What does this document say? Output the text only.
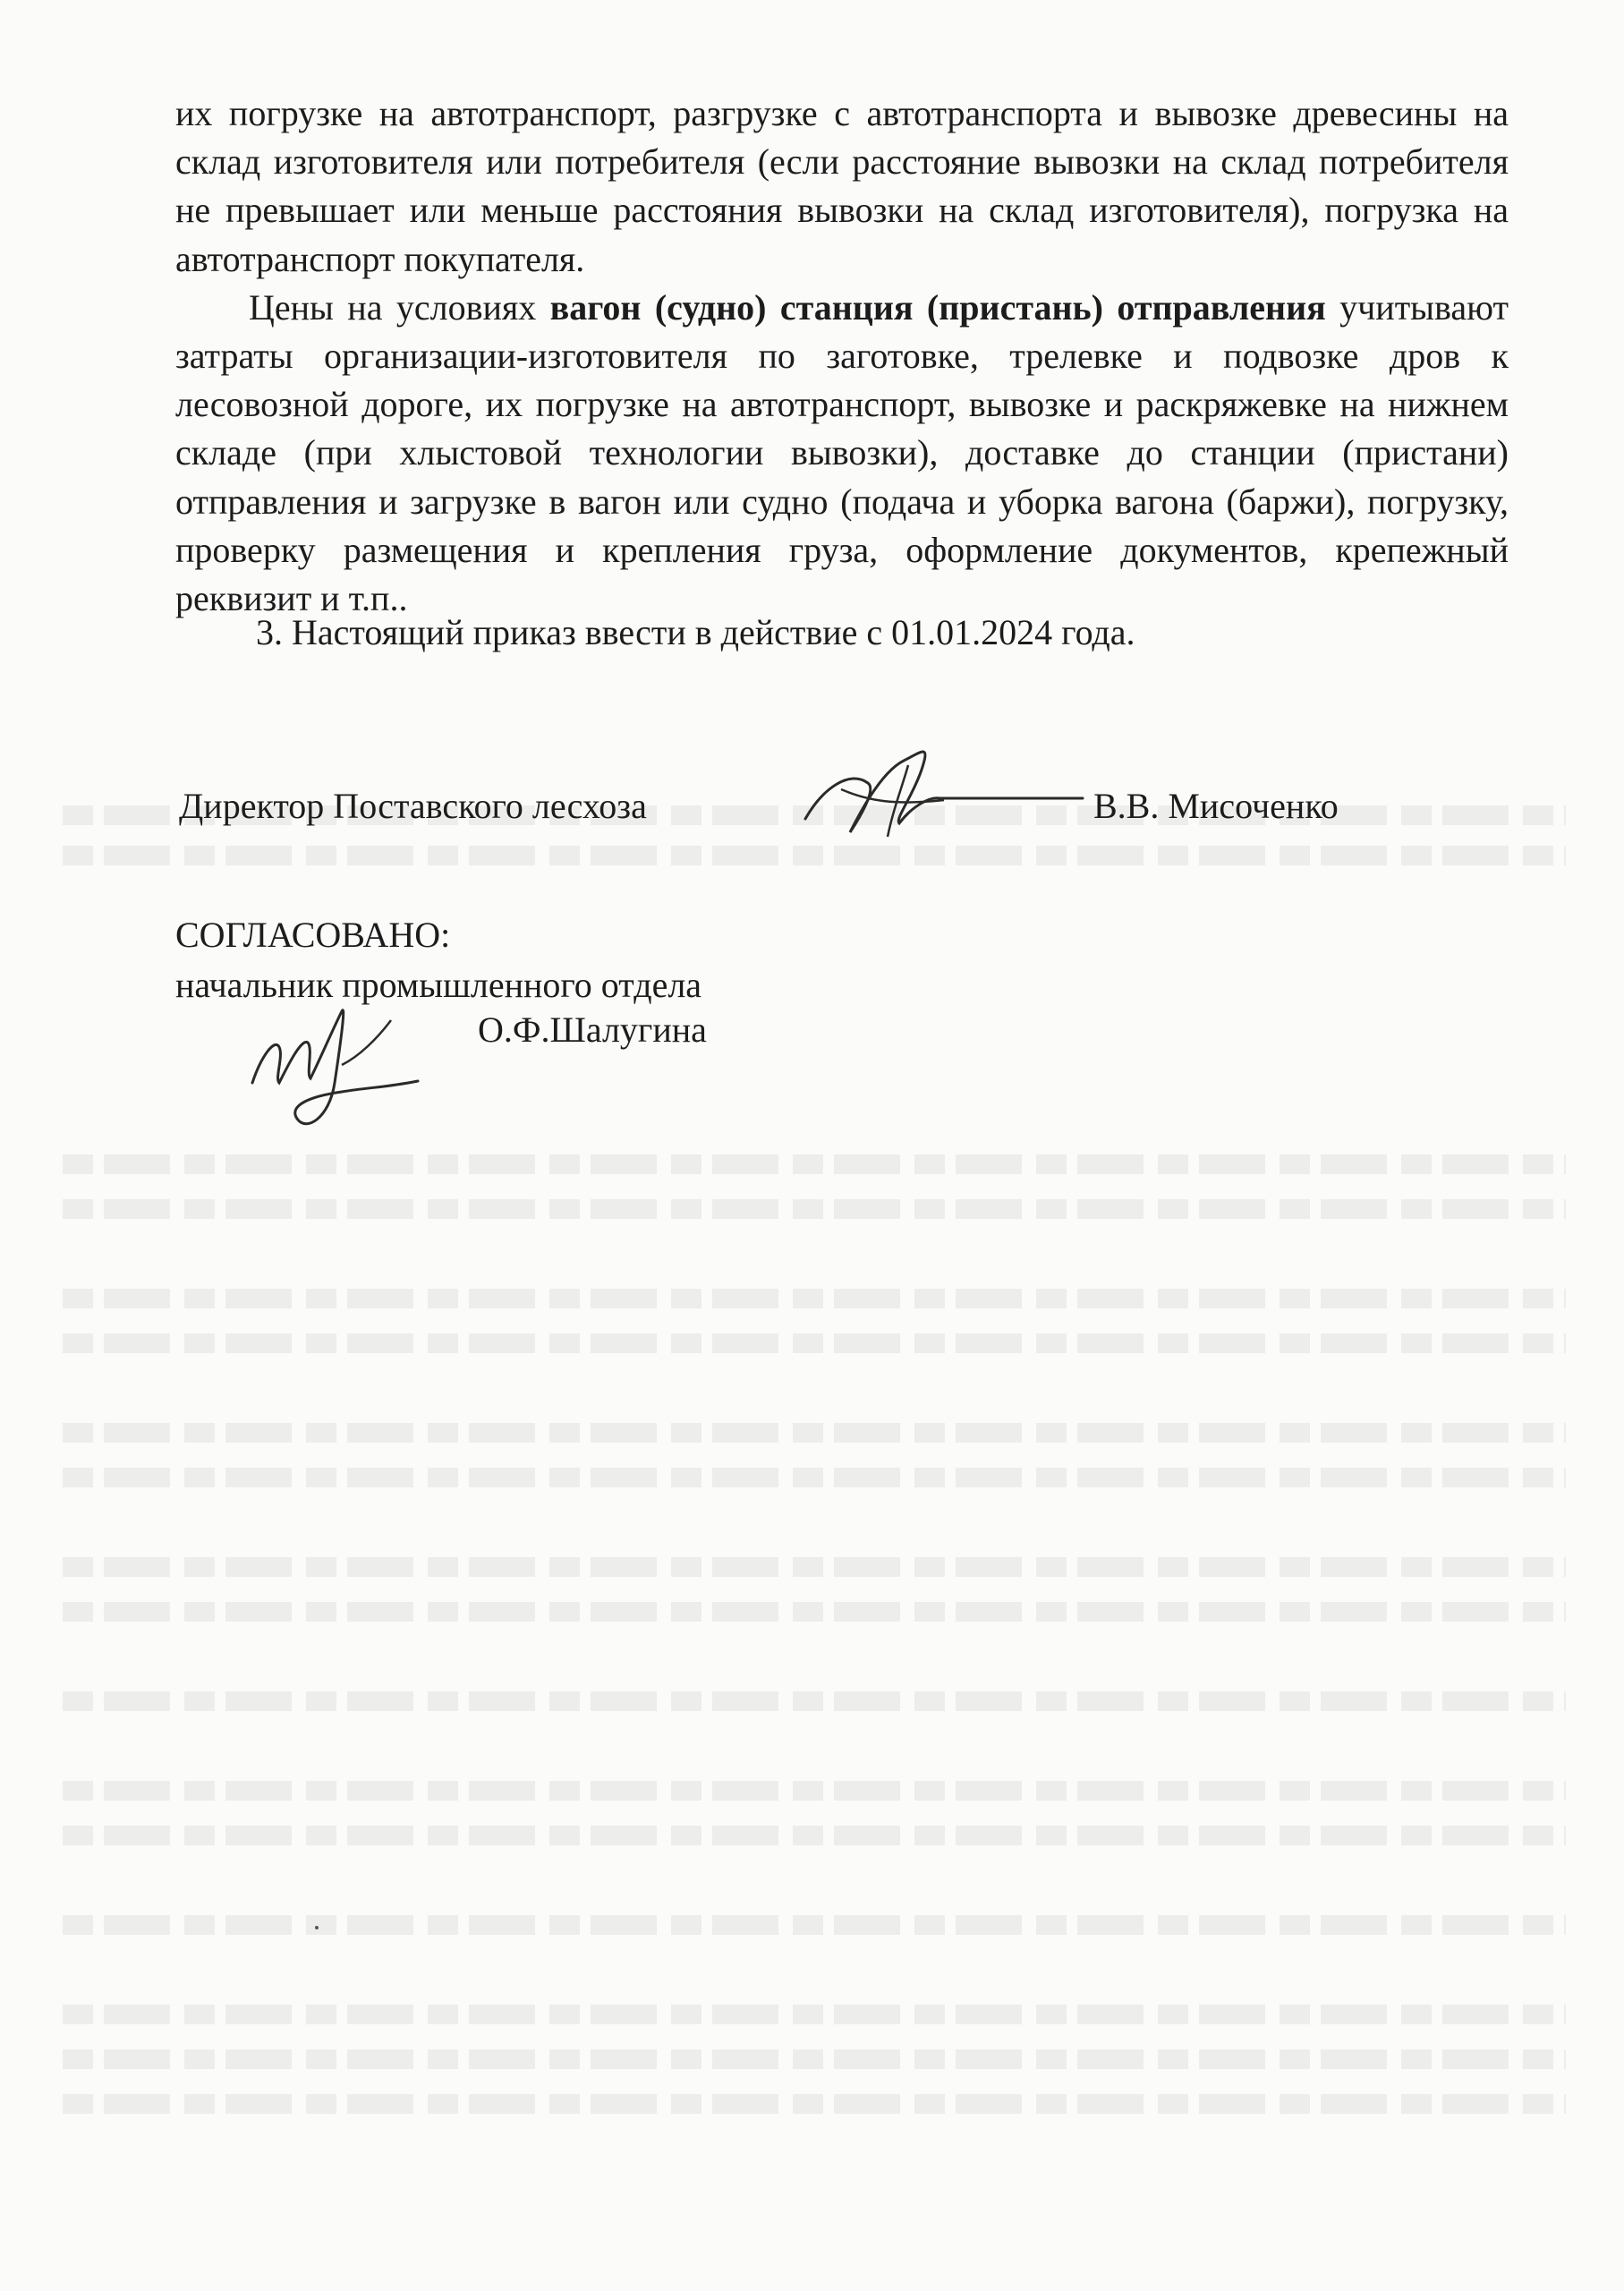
их погрузке на автотранспорт, разгрузке с автотранспорта и вывозке древесины на склад изготовителя или потребителя (если расстояние вывозки на склад потребителя не превышает или меньше расстояния вывозки на склад изготовителя), погрузка на автотранспорт покупателя.

Цены на условиях вагон (судно) станция (пристань) отправления учитывают затраты организации-изготовителя по заготовке, трелевке и подвозке дров к лесовозной дороге, их погрузке на автотранспорт, вывозке и раскряжевке на нижнем складе (при хлыстовой технологии вывозки), доставке до станции (пристани) отправления и загрузке в вагон или судно (подача и уборка вагона (баржи), погрузку, проверку размещения и крепления груза, оформление документов, крепежный реквизит и т.п..

3. Настоящий приказ ввести в действие с 01.01.2024 года.
Директор Поставского лесхоза	В.В. Мисоченко
СОГЛАСОВАНО:
начальник промышленного отдела
О.Ф.Шалугина
